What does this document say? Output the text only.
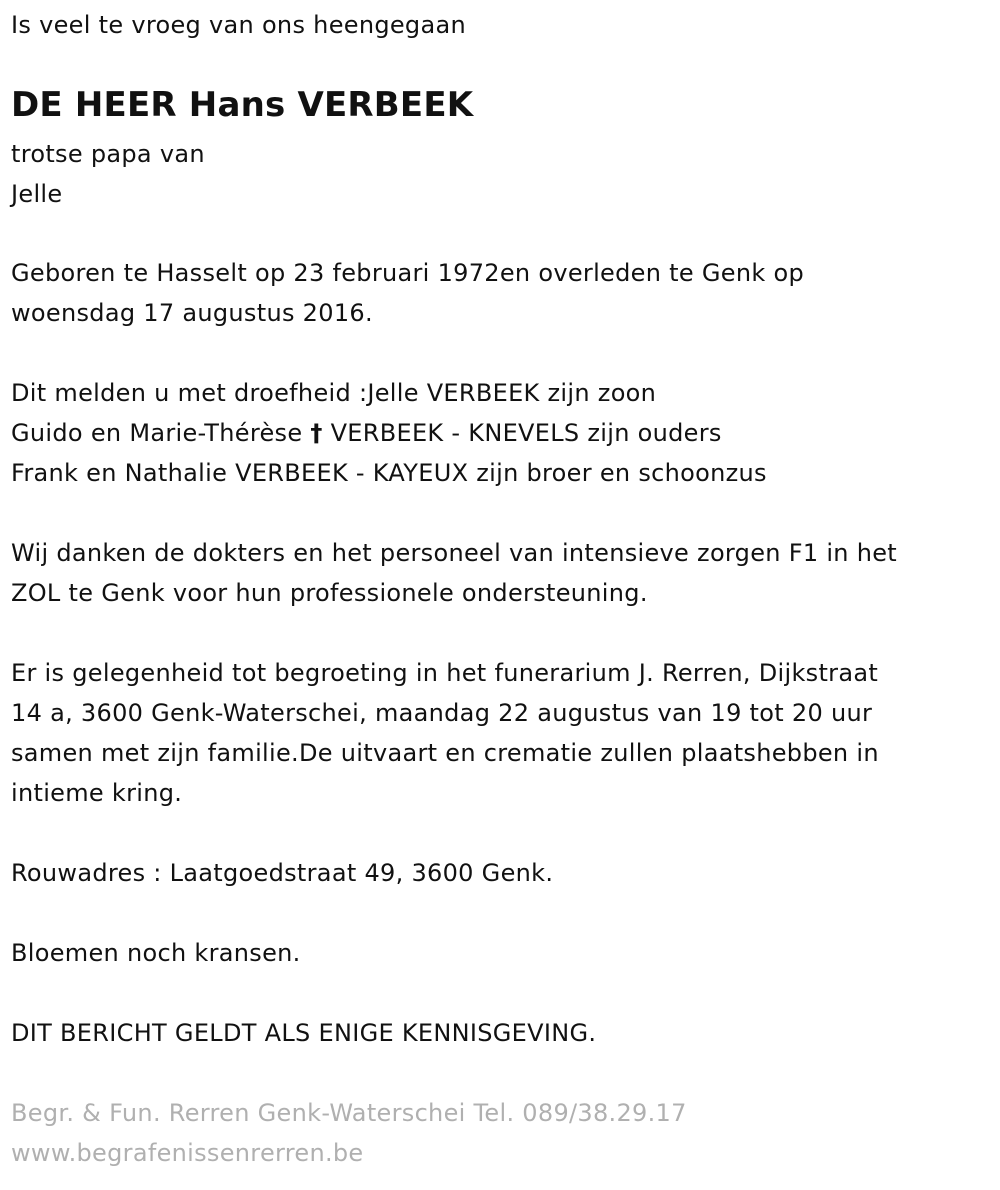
Is veel te vroeg van ons heengegaan
DE HEER Hans VERBEEK
trotse papa van
Jelle
Geboren te Hasselt op 23 februari 1972en overleden te Genk op
woensdag 17 augustus 2016.
Dit melden u met droefheid :Jelle VERBEEK zijn zoon
Guido en Marie-Thérèse † VERBEEK - KNEVELS zijn ouders
Frank en Nathalie VERBEEK - KAYEUX zijn broer en schoonzus
Wij danken de dokters en het personeel van intensieve zorgen F1 in het
ZOL te Genk voor hun professionele ondersteuning.
Er is gelegenheid tot begroeting in het funerarium J. Rerren, Dijkstraat
14 a, 3600 Genk-Waterschei, maandag 22 augustus van 19 tot 20 uur
samen met zijn familie.De uitvaart en crematie zullen plaatshebben in
intieme kring.
Rouwadres : Laatgoedstraat 49, 3600 Genk.
Bloemen noch kransen.
DIT BERICHT GELDT ALS ENIGE KENNISGEVING.
Begr. & Fun. Rerren Genk-Waterschei Tel. 089/38.29.17
www.begrafenissenrerren.be
